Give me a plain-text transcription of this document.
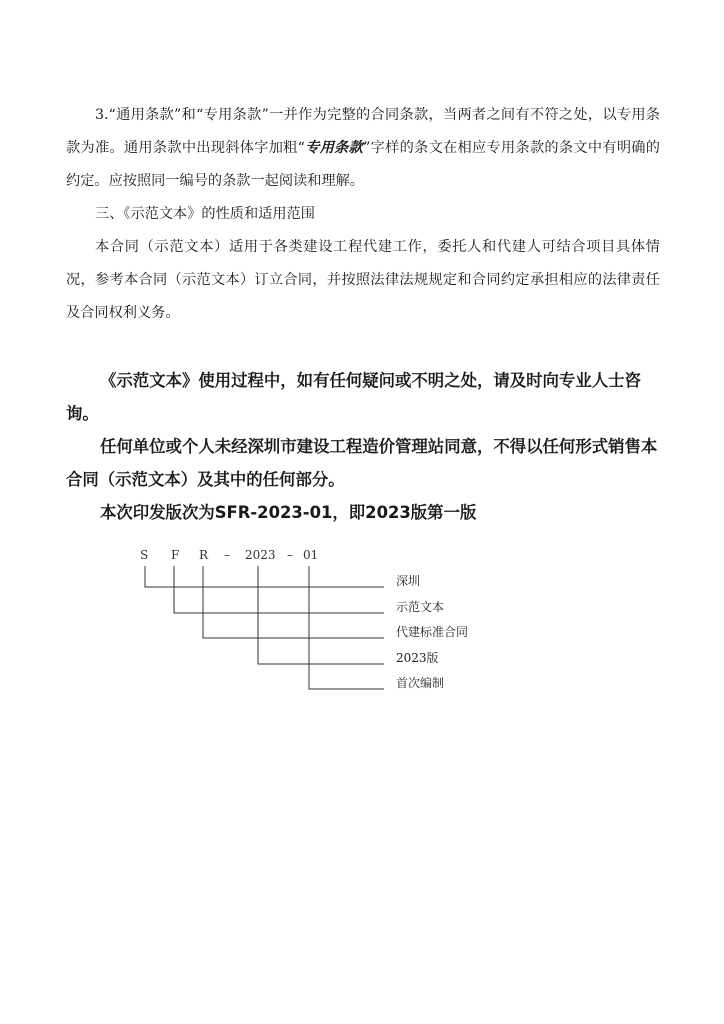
3.“通用条款”和“专用条款”一并作为完整的合同条款，当两者之间有不符之处，以专用条款为准。通用条款中出现斜体字加粗“专用条款”字样的条文在相应专用条款的条文中有明确的约定。应按照同一编号的条款一起阅读和理解。

三、《示范文本》的性质和适用范围

本合同（示范文本）适用于各类建设工程代建工作，委托人和代建人可结合项目具体情况，参考本合同（示范文本）订立合同，并按照法律法规规定和合同约定承担相应的法律责任及合同权利义务。

《示范文本》使用过程中，如有任何疑问或不明之处，请及时向专业人士咨询。

任何单位或个人未经深圳市建设工程造价管理站同意，不得以任何形式销售本合同（示范文本）及其中的任何部分。

本次印发版次为SFR-2023-01，即2023版第一版

S F R – 2023 – 01
深圳
示范文本
代建标准合同
2023版
首次编制
